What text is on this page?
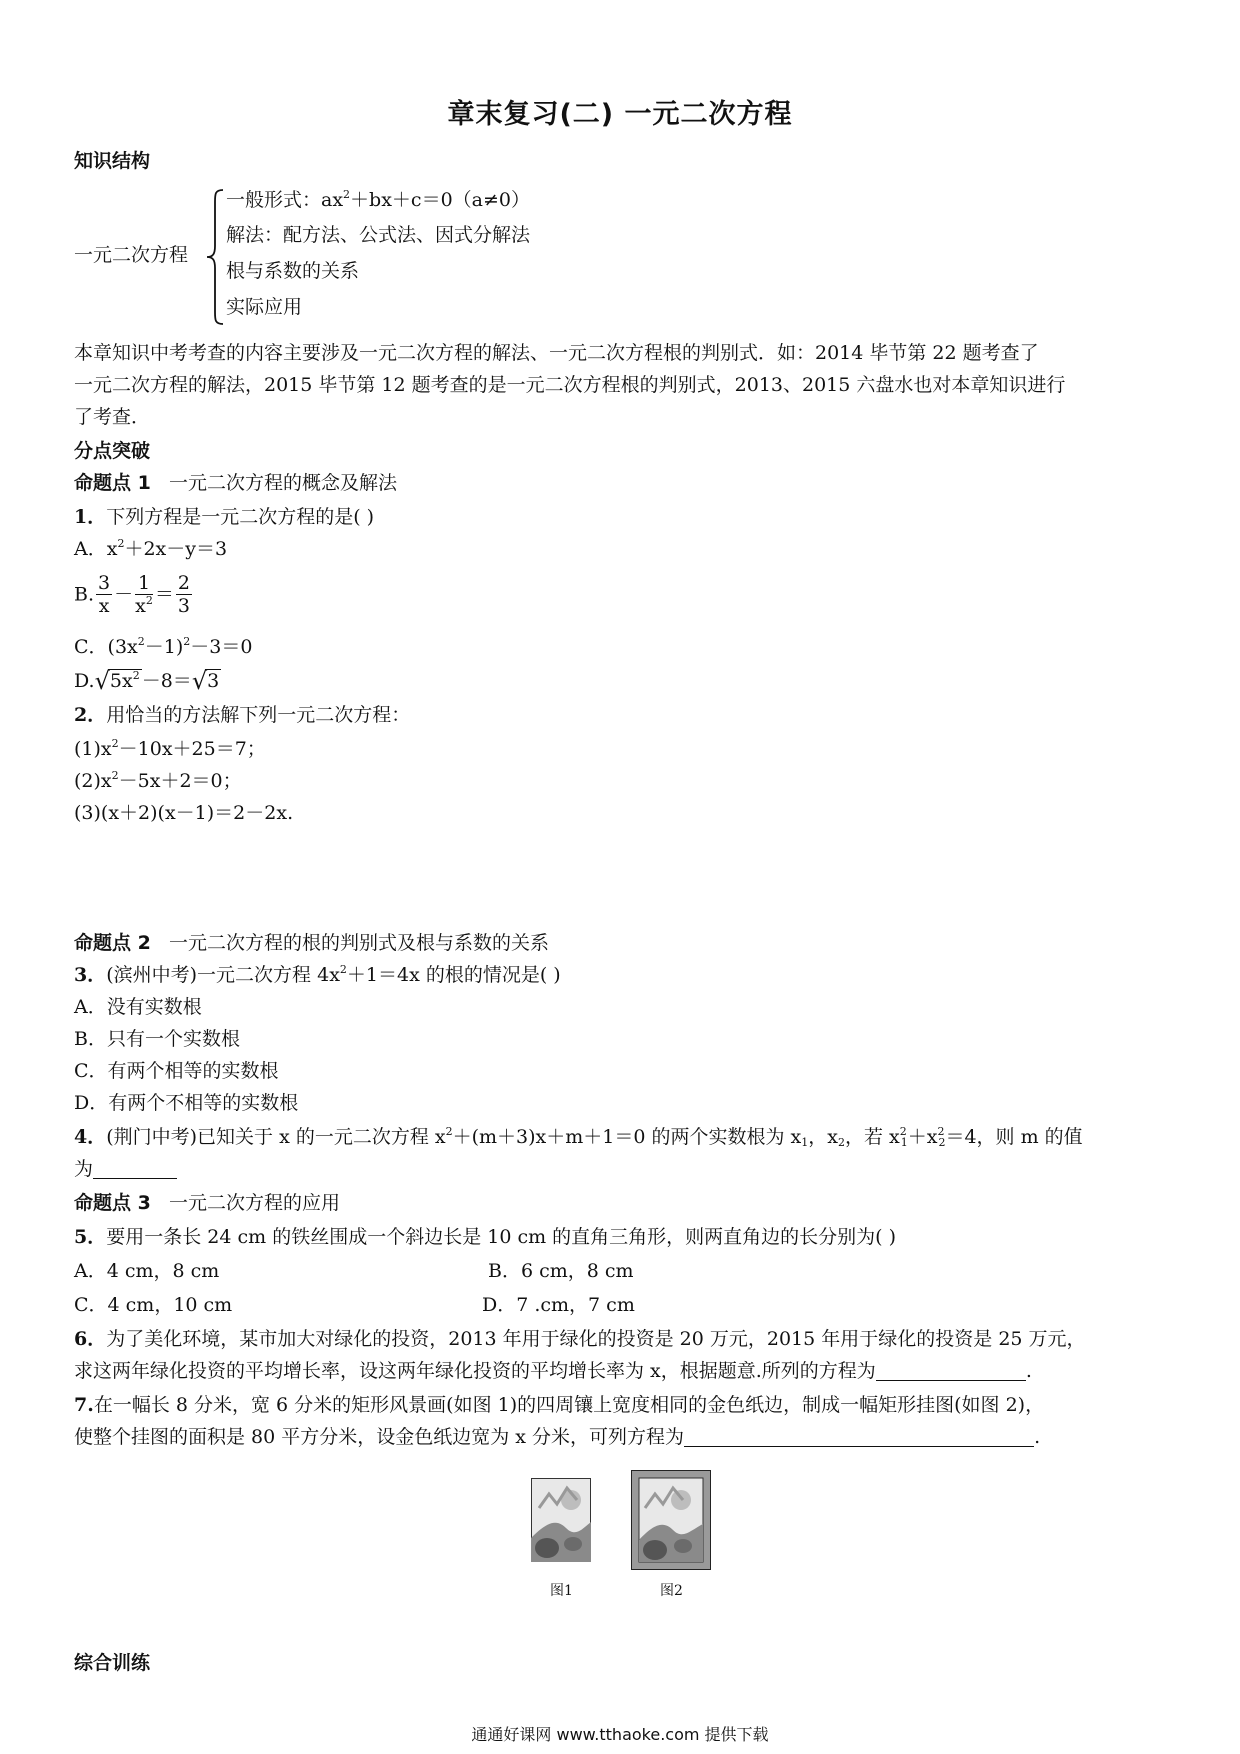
章末复习(二) 一元二次方程
知识结构
一元二次方程
一般形式：$ax^2+bx+c=0(a\ne 0)$
解法：配方法、公式法、因式分解法
根与系数的关系
实际应用
本章知识中考考查的内容主要涉及一元二次方程的解法、一元二次方程根的判别式．如：2014 毕节第 22 题考查了
一元二次方程的解法，2015 毕节第 12 题考查的是一元二次方程根的判别式，2013、2015 六盘水也对本章知识进行
了考查．
分点突破
命题点 1 一元二次方程的概念及解法
1．下列方程是一元二次方程的是( )
A．$x^2+2x-y=3$
B. $\frac{3}{x} - \frac{1}{x^2} = \frac{2}{3}$
C．$(3x^2-1)^2-3=0$
$D.√5x^2 -8=√3$
2．用恰当的方法解下列一元二次方程：
$(1)x^2-10x+25=7$；
$(2)x^2-5x+2=0$；
(3)(x＋2)(x－1)＝2－2x.
命题点 2 一元二次方程的根的判别式及根与系数的关系
3．(滨州中考)一元二次方程 $4x^2+1=4x$ 的根的情况是( )
A．没有实数根
B．只有一个实数根
C．有两个相等的实数根
D．有两个不相等的实数根
4．(荆门中考)已知关于 x 的一元二次方程 $x^2+(m+3)x+m+1=0$ 的两个实数根为 $x_1$，$x_2$，若 $x^2_1+x^2_2=4$，则 m 的值
为
命题点 3 一元二次方程的应用
5．要用一条长 24 cm 的铁丝围成一个斜边长是 10 cm 的直角三角形，则两直角边的长分别为( )
A．4 cm，8 cm	B．6 cm，8 cm
C．4 cm，10 cm	D．7 .cm，7 cm
6．为了美化环境，某市加大对绿化的投资，2013 年用于绿化的投资是 20 万元，2015 年用于绿化的投资是 25 万元，
求这两年绿化投资的平均增长率，设这两年绿化投资的平均增长率为 x，根据题意.所列的方程为	.
7.在一幅长 8 分米，宽 6 分米的矩形风景画(如图 1)的四周镶上宽度相同的金色纸边，制成一幅矩形挂图(如图 2)，
使整个挂图的面积是 80 平方分米，设金色纸边宽为 x 分米，可列方程为	.
图1	图2
综合训练
通通好课网 www.tthaoke.com 提供下载
